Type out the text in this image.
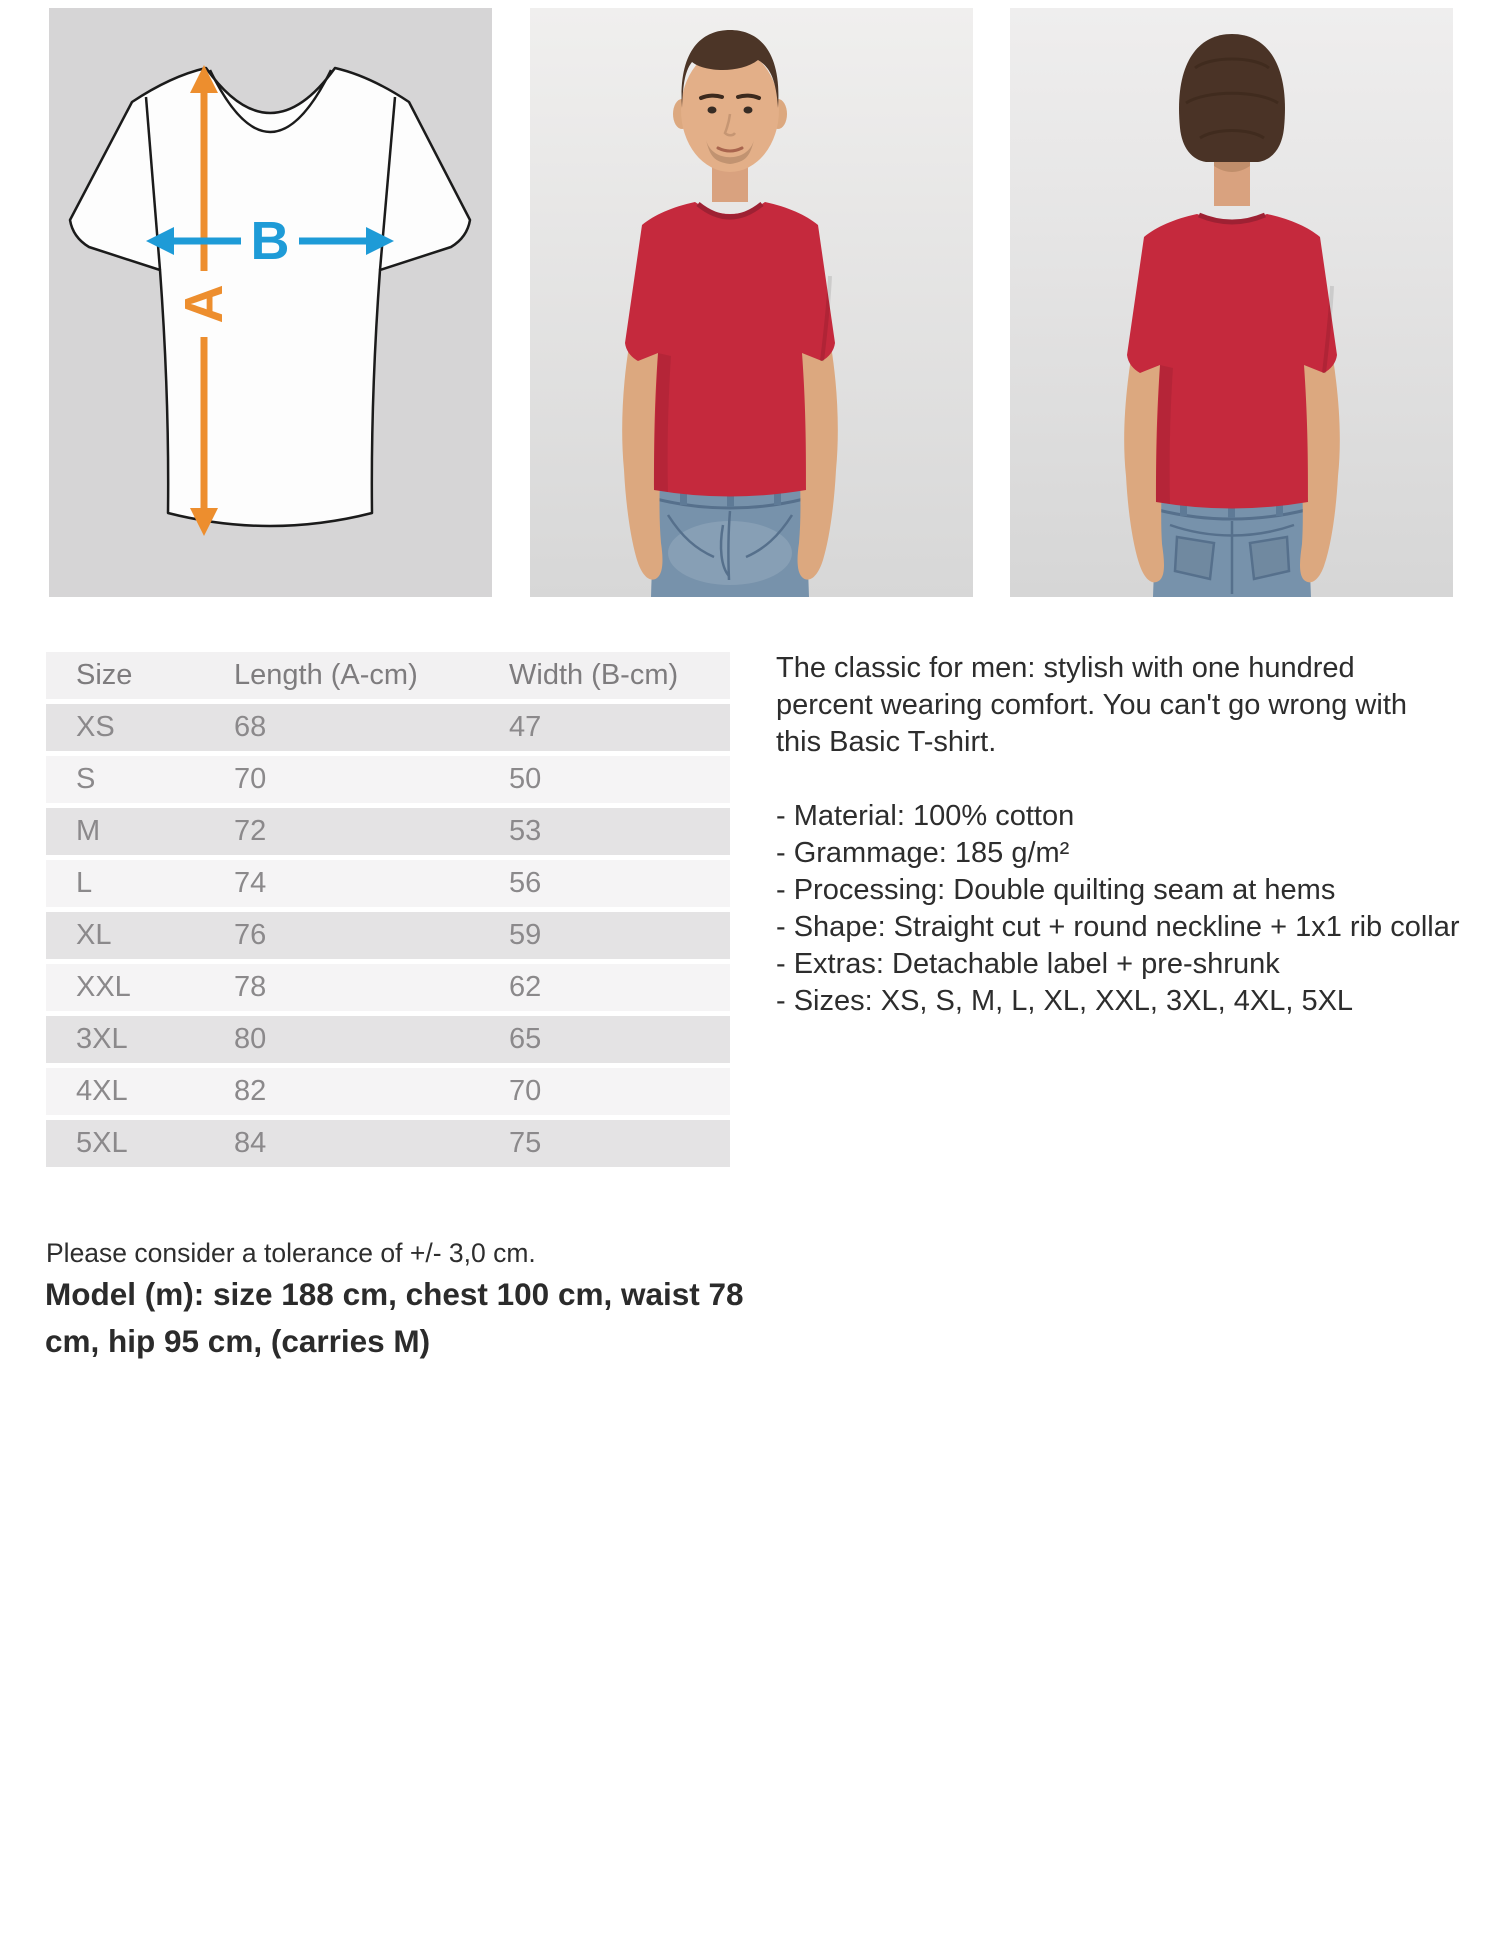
A
B
Size	Length (A-cm)	Width (B-cm)
XS	68	47
S	70	50
M	72	53
L	74	56
XL	76	59
XXL	78	62
3XL	80	65
4XL	82	70
5XL	84	75

The classic for men: stylish with one hundred percent wearing comfort. You can't go wrong with this Basic T-shirt.

- Material: 100% cotton
- Grammage: 185 g/m²
- Processing: Double quilting seam at hems
- Shape: Straight cut + round neckline + 1x1 rib collar
- Extras: Detachable label + pre-shrunk
- Sizes: XS, S, M, L, XL, XXL, 3XL, 4XL, 5XL
Please consider a tolerance of +/- 3,0 cm.
Model (m): size 188 cm, chest 100 cm, waist 78
cm, hip 95 cm, (carries M)
